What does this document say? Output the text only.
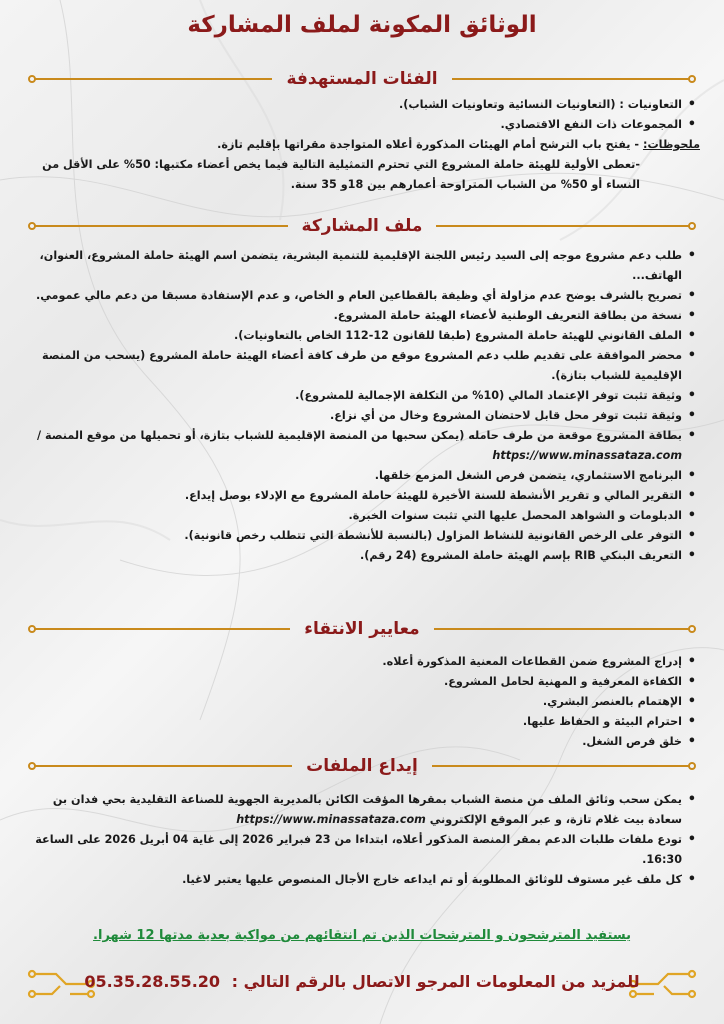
الوثائق المكونة لملف المشاركة
الفئات المستهدفة
• التعاونيات : (التعاونيات النسائية وتعاونيات الشباب).
• المجموعات ذات النفع الاقتصادي.
ملحوظات: - يفتح باب الترشح أمام الهيئات المذكورة أعلاه المتواجدة مقراتها بإقليم تازة.
-تعطى الأولية للهيئة حاملة المشروع التي تحترم التمثيلية التالية فيما يخص أعضاء مكتبها: 50% على الأقل من النساء أو 50% من الشباب المتراوحة أعمارهم بين 18و 35 سنة.
ملف المشاركة
• طلب دعم مشروع موجه إلى السيد رئيس اللجنة الإقليمية للتنمية البشرية، يتضمن اسم الهيئة حاملة المشروع، العنوان، الهاتف...
• تصريح بالشرف يوضح عدم مزاولة أي وظيفة بالقطاعين العام و الخاص، و عدم الإستفادة مسبقا من دعم مالي عمومي.
• نسخة من بطاقة التعريف الوطنية لأعضاء الهيئة حاملة المشروع.
• الملف القانوني للهيئة حاملة المشروع (طبقا للقانون 12-112 الخاص بالتعاونيات).
• محضر الموافقة على تقديم طلب دعم المشروع موقع من طرف كافة أعضاء الهيئة حاملة المشروع (يسحب من المنصة الإقليمية للشباب بتازة).
• وثيقة تثبت توفر الإعتماد المالي (10% من التكلفة الإجمالية للمشروع).
• وثيقة تثبت توفر محل قابل لاحتضان المشروع وخال من أي نزاع.
• بطاقة المشروع موقعة من طرف حامله (يمكن سحبها من المنصة الإقليمية للشباب بتازة، أو تحميلها من موقع المنصة / https://www.minassataza.com
• البرنامج الاستثماري، يتضمن فرص الشغل المزمع خلقها.
• التقرير المالي و تقرير الأنشطة للسنة الأخيرة للهيئة حاملة المشروع مع الإدلاء بوصل إيداع.
• الدبلومات و الشواهد المحصل عليها التي تثبت سنوات الخبرة.
• التوفر على الرخص القانونية للنشاط المزاول (بالنسبة للأنشطة التي تتطلب رخص قانونية).
• التعريف البنكي RIB بإسم الهيئة حاملة المشروع (24 رقم).
معايير الانتقاء
• إدراج المشروع ضمن القطاعات المعنية المذكورة أعلاه.
• الكفاءة المعرفية و المهنية لحامل المشروع.
• الإهتمام بالعنصر البشري.
• احترام البيئة و الحفاظ عليها.
• خلق فرص الشغل.
إيداع الملفات
• يمكن سحب وثائق الملف من منصة الشباب بمقرها المؤقت الكائن بالمديرية الجهوية للصناعة التقليدية بحي فدان بن سعادة بيت غلام تازة، و عبر الموقع الإلكتروني https://www.minassataza.com
• تودع ملفات طلبات الدعم بمقر المنصة المذكور أعلاه، ابتداءا من 23 فبراير 2026 إلى غاية 04 أبريل 2026 على الساعة 16:30.
• كل ملف غير مستوف للوثائق المطلوبة أو تم ايداعه خارج الأجال المنصوص عليها يعتبر لاغيا.
يستفيد المترشحون و المترشحات الذين تم انتقائهم من مواكبة بعدية مدتها 12 شهرا.
للمزيد من المعلومات المرجو الاتصال بالرقم التالي : 05.35.28.55.20
